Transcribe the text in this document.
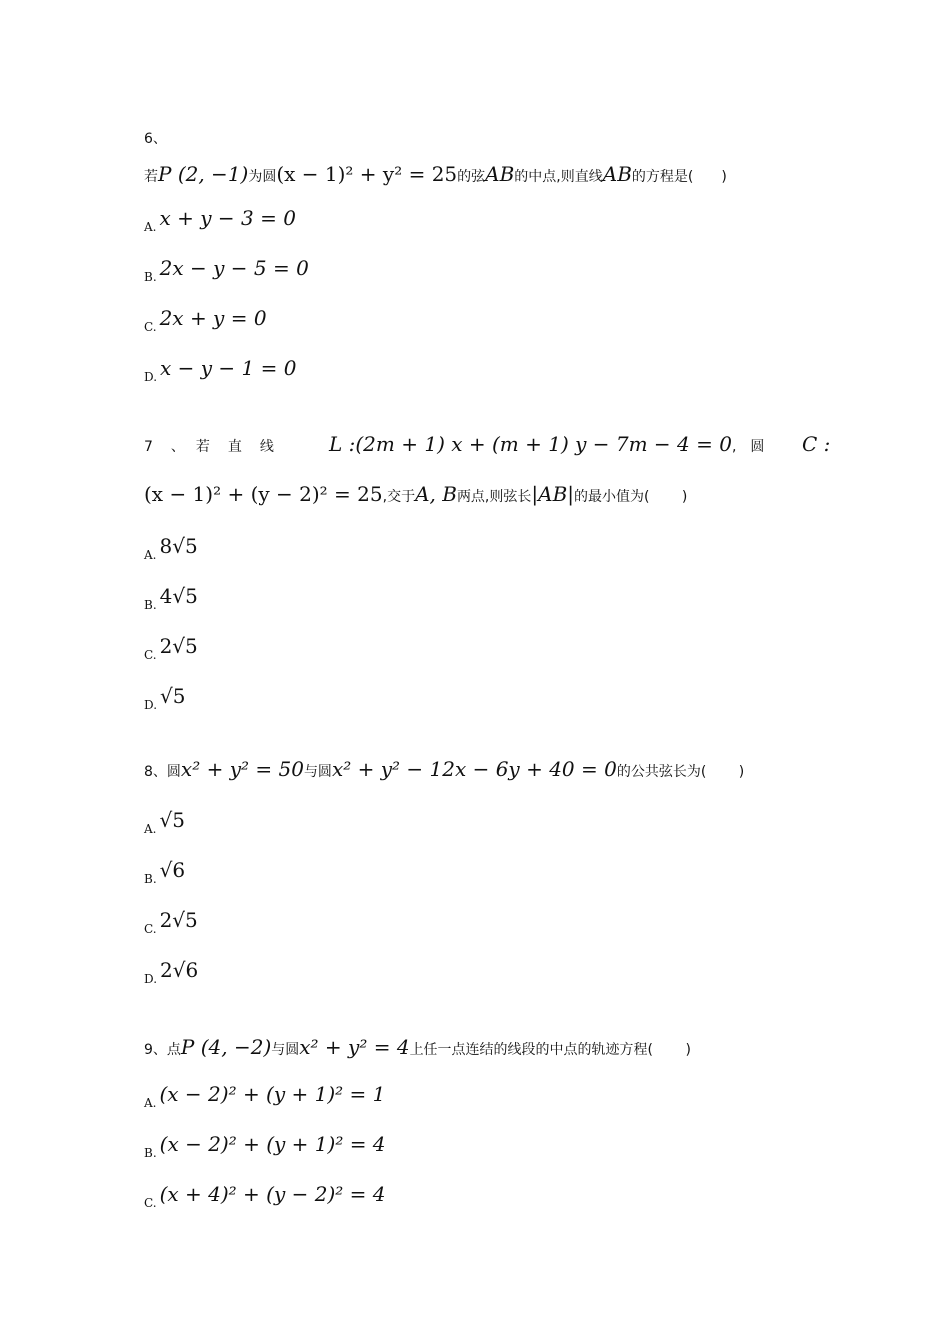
6、
若P (2, −1)为圆(x − 1)² + y² = 25的弦AB的中点,则直线AB的方程是(　　)
$_{A.}$ x + y − 3 = 0
$_{B.}$ 2x − y − 5 = 0
$_{C.}$ 2x + y = 0
$_{D.}$ x − y − 1 = 0
7　、　若　直　线	L :(2m + 1) x + (m + 1) y − 7m − 4 = 0,　圆 C :
(x − 1)² + (y − 2)² = 25,交于A, B两点,则弦长|AB|的最小值为(　　 )
$_{A.}$ 8√5
$_{B.}$ 4√5
$_{C.}$ 2√5
$_{D.}$ √5
8、圆x² + y² = 50与圆x² + y² − 12x − 6y + 40 = 0的公共弦长为(　　 )
$_{A.}$ √5
$_{B.}$ √6
$_{C.}$ 2√5
$_{D.}$ 2√6
9、点P (4, −2)与圆x² + y² = 4上任一点连结的线段的中点的轨迹方程(　　 )
$_{A.}$ (x − 2)² + (y + 1)² = 1
$_{B.}$ (x − 2)² + (y + 1)² = 4
$_{C.}$ (x + 4)² + (y − 2)² = 4
